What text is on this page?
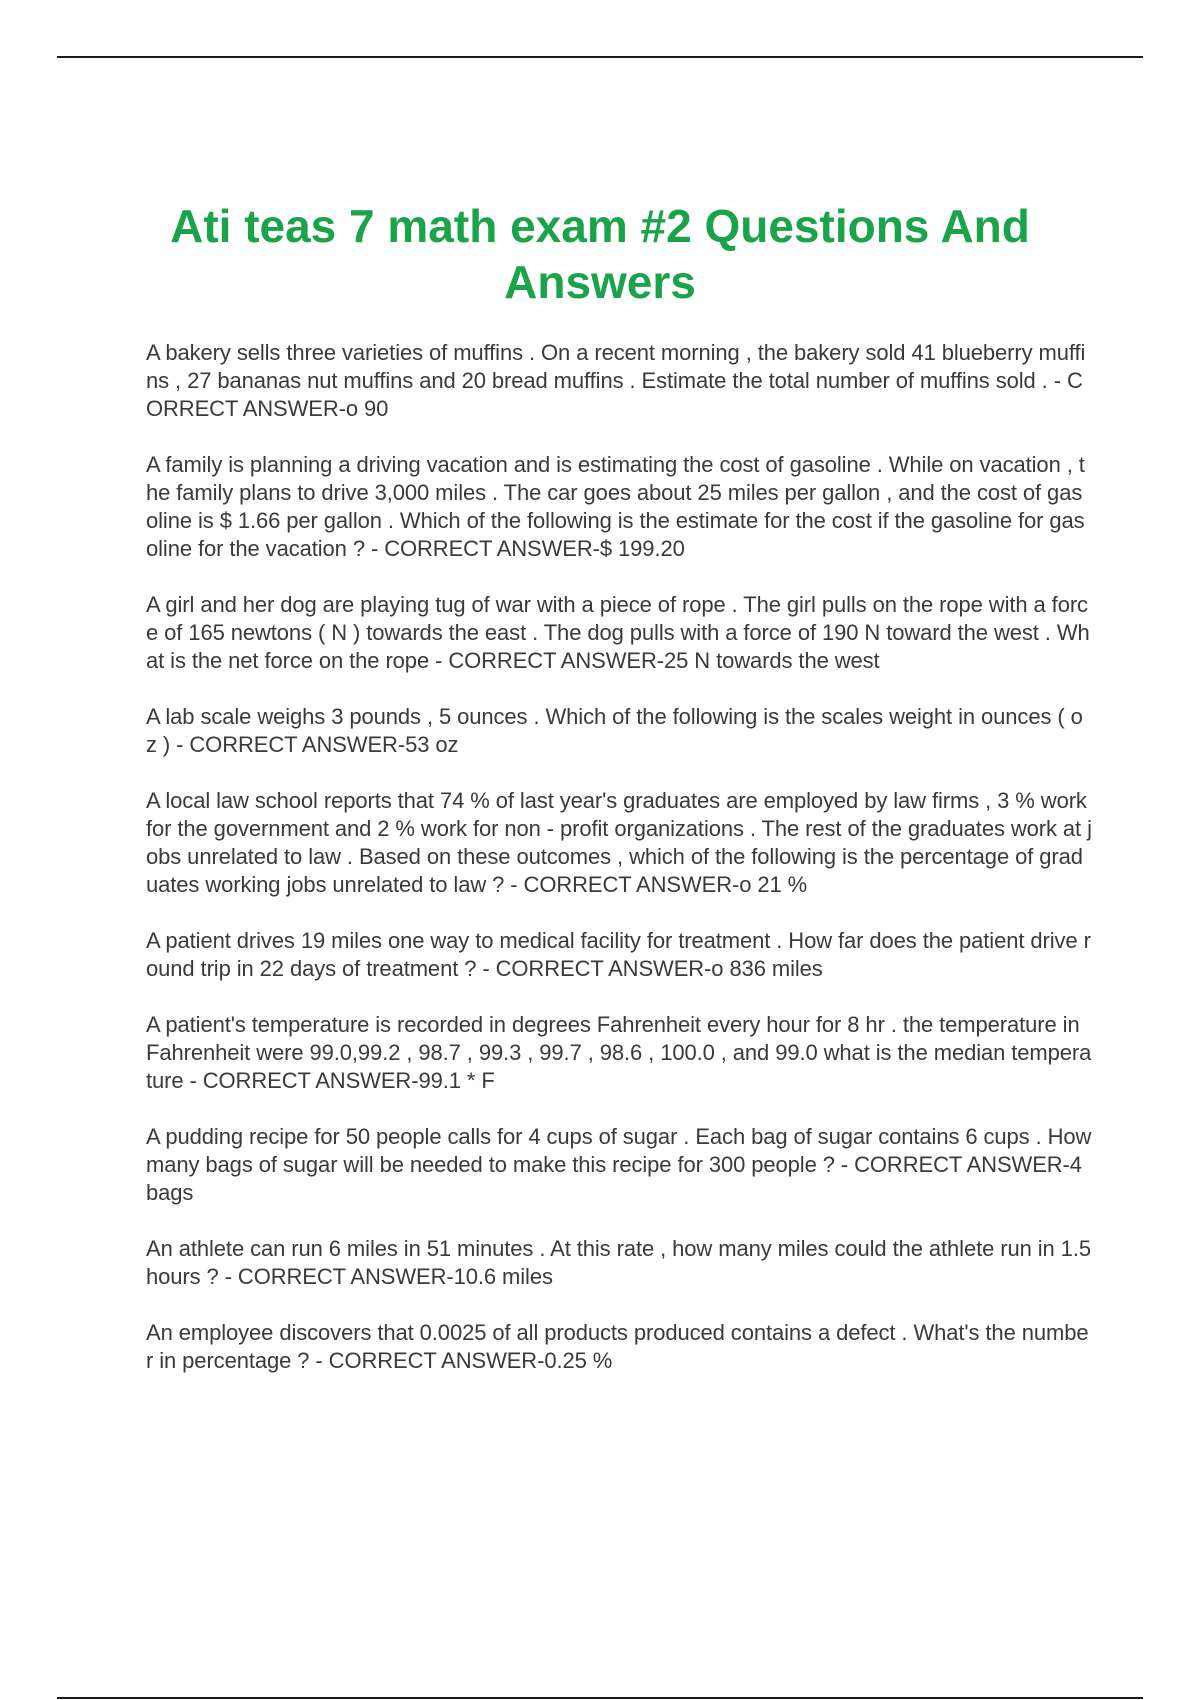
Ati teas 7 math exam #2 Questions And Answers

A bakery sells three varieties of muffins . On a recent morning , the bakery sold 41 blueberry muffins , 27 bananas nut muffins and 20 bread muffins . Estimate the total number of muffins sold . - CORRECT ANSWER-o 90

A family is planning a driving vacation and is estimating the cost of gasoline . While on vacation , the family plans to drive 3,000 miles . The car goes about 25 miles per gallon , and the cost of gasoline is $ 1.66 per gallon . Which of the following is the estimate for the cost if the gasoline for gasoline for the vacation ? - CORRECT ANSWER-$ 199.20

A girl and her dog are playing tug of war with a piece of rope . The girl pulls on the rope with a force of 165 newtons ( N ) towards the east . The dog pulls with a force of 190 N toward the west . What is the net force on the rope - CORRECT ANSWER-25 N towards the west

A lab scale weighs 3 pounds , 5 ounces . Which of the following is the scales weight in ounces ( oz ) - CORRECT ANSWER-53 oz

A local law school reports that 74 % of last year's graduates are employed by law firms , 3 % work for the government and 2 % work for non - profit organizations . The rest of the graduates work at jobs unrelated to law . Based on these outcomes , which of the following is the percentage of graduates working jobs unrelated to law ? - CORRECT ANSWER-o 21 %

A patient drives 19 miles one way to medical facility for treatment . How far does the patient drive round trip in 22 days of treatment ? - CORRECT ANSWER-o 836 miles

A patient's temperature is recorded in degrees Fahrenheit every hour for 8 hr . the temperature in Fahrenheit were 99.0,99.2 , 98.7 , 99.3 , 99.7 , 98.6 , 100.0 , and 99.0 what is the median temperature - CORRECT ANSWER-99.1 * F

A pudding recipe for 50 people calls for 4 cups of sugar . Each bag of sugar contains 6 cups . How many bags of sugar will be needed to make this recipe for 300 people ? - CORRECT ANSWER-4 bags

An athlete can run 6 miles in 51 minutes . At this rate , how many miles could the athlete run in 1.5 hours ? - CORRECT ANSWER-10.6 miles

An employee discovers that 0.0025 of all products produced contains a defect . What's the number in percentage ? - CORRECT ANSWER-0.25 %
